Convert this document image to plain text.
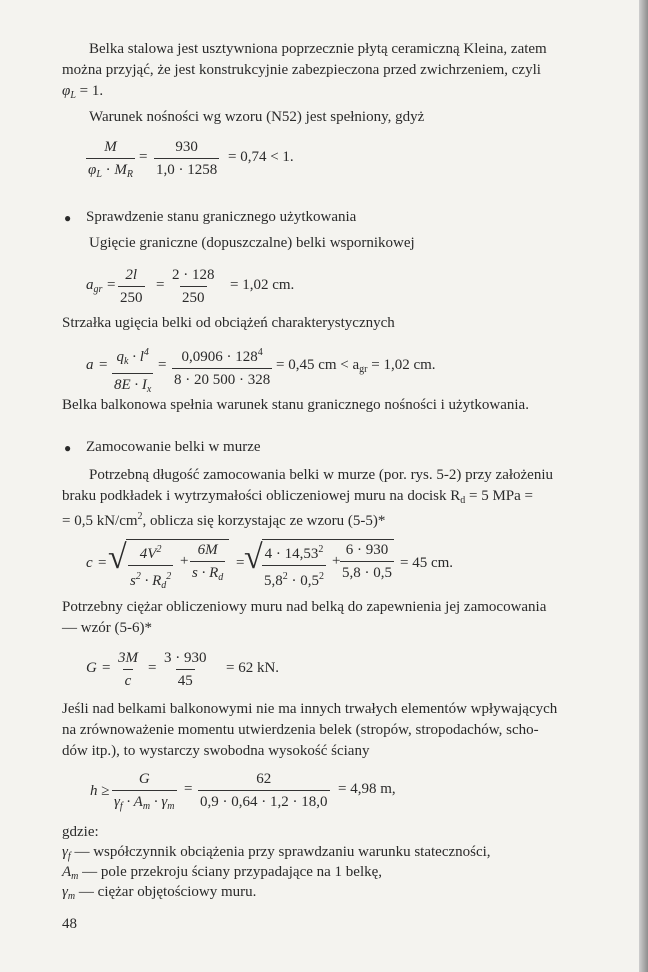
Belka stalowa jest usztywniona poprzecznie płytą ceramiczną Kleina, zatem
można przyjąć, że jest konstrukcyjnie zabezpieczona przed zwichrzeniem, czyli
$\varphi_L = 1$.
Warunek nośności wg wzoru (N52) jest spełniony, gdyż
$\frac{M}{\varphi_L \cdot M_R} = \frac{930}{1,0 \cdot 1258} = 0,74 < 1$.
● Sprawdzenie stanu granicznego użytkowania
Ugięcie graniczne (dopuszczalne) belki wspornikowej
$a_{gr} = \frac{2l}{250} = \frac{2 \cdot 128}{250} = 1,02$ cm.
Strzałka ugięcia belki od obciążeń charakterystycznych
$a = \frac{q_k \cdot l^4}{8E \cdot I_x} = \frac{0,0906 \cdot 128^4}{8 \cdot 20 500 \cdot 328} = 0,45$ cm < $a_{gr} = 1,02$ cm.
Belka balkonowa spełnia warunek stanu granicznego nośności i użytkowania.
● Zamocowanie belki w murze
Potrzebną długość zamocowania belki w murze (por. rys. 5-2) przy założeniu
braku podkładek i wytrzymałości obliczeniowej muru na docisk $R_d = 5$ MPa =
= 0,5 $kN/cm^2$, oblicza się korzystając ze wzoru (5-5)*
c = √ $\frac{4V^2}{s^2 \cdot R_d^2} + \frac{6M}{s \cdot R_d}$ = √ $\frac{4 \cdot 14,53^2}{5,8^2 \cdot 0,5^2} + \frac{6 \cdot 930}{5,8 \cdot 0,5} = 45$ cm.
Potrzebny ciężar obliczeniowy muru nad belką do zapewnienia jej zamocowania
— wzór (5-6)*
$G = \frac{3M}{c} = \frac{3 \cdot 930}{45} = 62$ kN.
Jeśli nad belkami balkonowymi nie ma innych trwałych elementów wpływających
na zrównoważenie momentu utwierdzenia belek (stropów, stropodachów, scho-
dów itp.), to wystarczy swobodna wysokość ściany
$h \ge \frac{G}{\gamma_f \cdot A_m \cdot \gamma_m} = \frac{62}{0,9 \cdot 0,64 \cdot 1,2 \cdot 18,0} = 4,98$ m,
gdzie:
$\gamma_f$ — współczynnik obciążenia przy sprawdzaniu warunku stateczności,
$A_m$ — pole przekroju ściany przypadające na 1 belkę,
$\gamma_m$ — ciężar objętościowy muru.
48
